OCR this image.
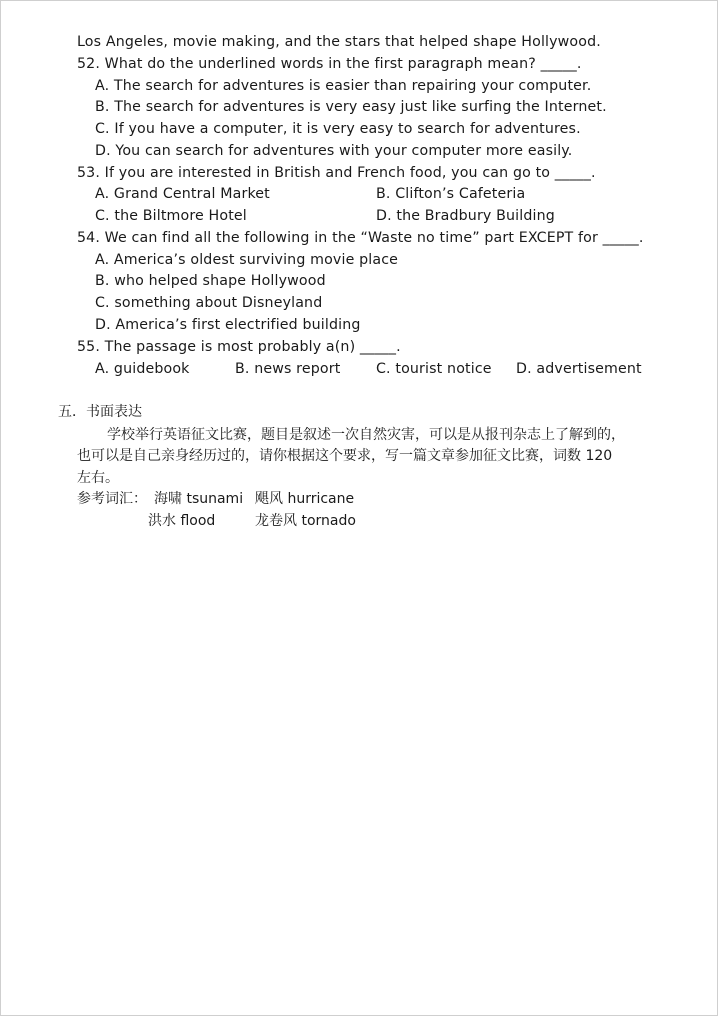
Los Angeles, movie making, and the stars that helped shape Hollywood.
52. What do the underlined words in the first paragraph mean? _____.
A. The search for adventures is easier than repairing your computer.
B. The search for adventures is very easy just like surfing the Internet.
C. If you have a computer, it is very easy to search for adventures.
D. You can search for adventures with your computer more easily.
53. If you are interested in British and French food, you can go to _____.
A. Grand Central Market	B. Clifton’s Cafeteria
C. the Biltmore Hotel	D. the Bradbury Building
54. We can find all the following in the “Waste no time” part EXCEPT for _____.
A. America’s oldest surviving movie place
B. who helped shape Hollywood
C. something about Disneyland
D. America’s first electrified building
55. The passage is most probably a(n) _____.
A. guidebook	B. news report	C. tourist notice D. advertisement
五．书面表达
学校举行英语征文比赛，题目是叙述一次自然灾害，可以是从报刊杂志上了解到的，
也可以是自己亲身经历过的，请你根据这个要求，写一篇文章参加征文比赛，词数 120
左右。
参考词汇： 海啸 tsunami 飓风 hurricane
洪水 flood	龙卷风 tornado
